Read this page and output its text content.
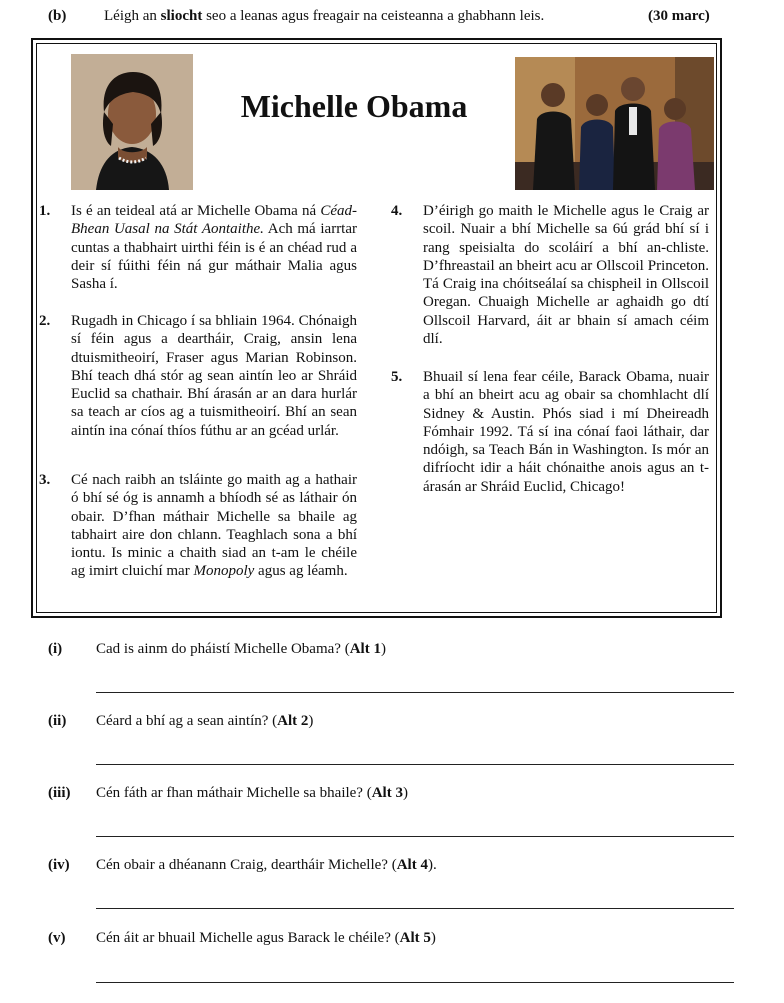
(b)	Léigh an sliocht seo a leanas agus freagair na ceisteanna a ghabhann leis.	(30 marc)
Michelle Obama
1. Is é an teideal atá ar Michelle Obama ná Céad-Bhean Uasal na Stát Aontaithe. Ach má iarrtar cuntas a thabhairt uirthi féin is é an chéad rud a deir sí fúithi féin ná gur máthair Malia agus Sasha í.
2. Rugadh in Chicago í sa bhliain 1964. Chónaigh sí féin agus a deartháir, Craig, ansin lena dtuismitheoirí, Fraser agus Marian Robinson. Bhí teach dhá stór ag sean aintín leo ar Shráid Euclid sa chathair. Bhí árasán ar an dara hurlár sa teach ar cíos ag a tuismitheoirí. Bhí an sean aintín ina cónaí thíos fúthu ar an gcéad urlár.
3. Cé nach raibh an tsláinte go maith ag a hathair ó bhí sé óg is annamh a bhíodh sé as láthair ón obair. D’fhan máthair Michelle sa bhaile ag tabhairt aire don chlann. Teaghlach sona a bhí iontu. Is minic a chaith siad an t-am le chéile ag imirt cluichí mar Monopoly agus ag léamh.
4. D’éirigh go maith le Michelle agus le Craig ar scoil. Nuair a bhí Michelle sa 6ú grád bhí sí i rang speisialta do scoláirí a bhí an-chliste. D’fhreastail an bheirt acu ar Ollscoil Princeton. Tá Craig ina chóitseálaí sa chispheil in Ollscoil Oregan. Chuaigh Michelle ar aghaidh go dtí Ollscoil Harvard, áit ar bhain sí amach céim dlí.
5. Bhuail sí lena fear céile, Barack Obama, nuair a bhí an bheirt acu ag obair sa chomhlacht dlí Sidney & Austin. Phós siad i mí Dheireadh Fómhair 1992. Tá sí ina cónaí faoi láthair, dar ndóigh, sa Teach Bán in Washington. Is mór an difríocht idir a háit chónaithe anois agus an t-árasán ar Shráid Euclid, Chicago!
(i) Cad is ainm do pháistí Michelle Obama? (Alt 1)
(ii) Céard a bhí ag a sean aintín? (Alt 2)
(iii) Cén fáth ar fhan máthair Michelle sa bhaile? (Alt 3)
(iv) Cén obair a dhéanann Craig, deartháir Michelle? (Alt 4).
(v) Cén áit ar bhuail Michelle agus Barack le chéile? (Alt 5)
